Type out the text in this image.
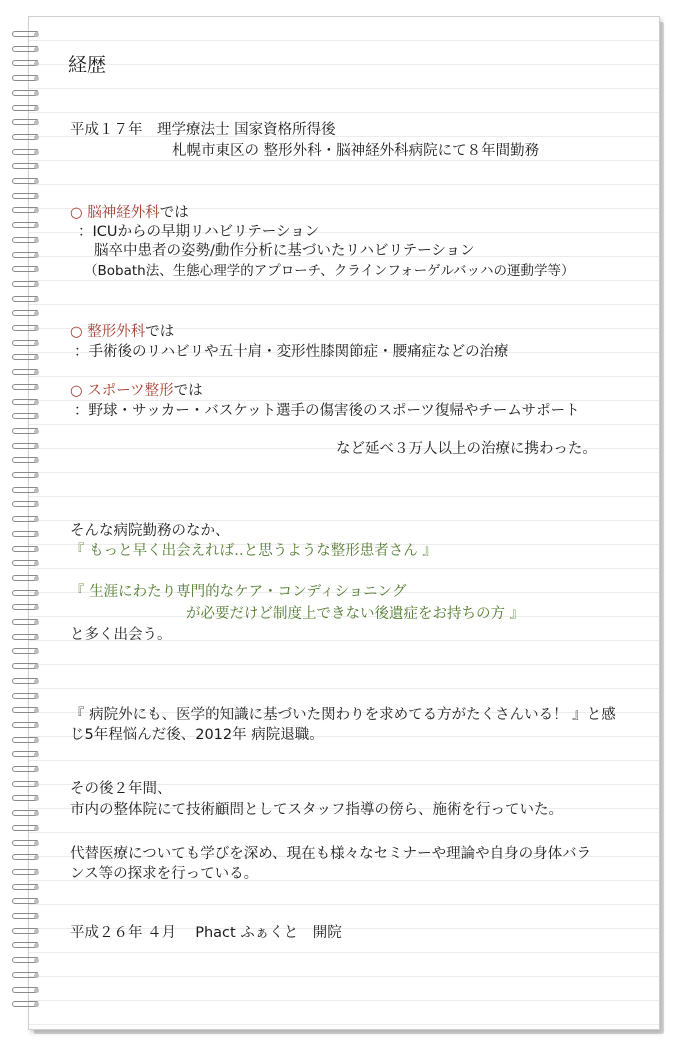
経歴
平成１７年　理学療法士 国家資格所得後
札幌市東区の 整形外科・脳神経外科病院にて８年間勤務
○ 脳神経外科では
：ICUからの早期リハビリテーション
脳卒中患者の姿勢/動作分析に基づいたリハビリテーション
（Bobath法、生態心理学的アプローチ、クラインフォーゲルバッハの運動学等）
○ 整形外科では
：手術後のリハビリや五十肩・変形性膝関節症・腰痛症などの治療
○ スポーツ整形では
：野球・サッカー・バスケット選手の傷害後のスポーツ復帰やチームサポート
など延べ３万人以上の治療に携わった。
そんな病院勤務のなか、
『 もっと早く出会えれば‥と思うような整形患者さん 』
『 生涯にわたり専門的なケア・コンディショニング
が必要だけど制度上できない後遺症をお持ちの方 』
と多く出会う。
『 病院外にも、医学的知識に基づいた関わりを求めてる方がたくさんいる！ 』と感
じ5年程悩んだ後、2012年 病院退職。
その後２年間、
市内の整体院にて技術顧問としてスタッフ指導の傍ら、施術を行っていた。
代替医療についても学びを深め、現在も様々なセミナーや理論や自身の身体バラ
ンス等の探求を行っている。
平成２６年 ４月　 Phact ふぁくと　開院
